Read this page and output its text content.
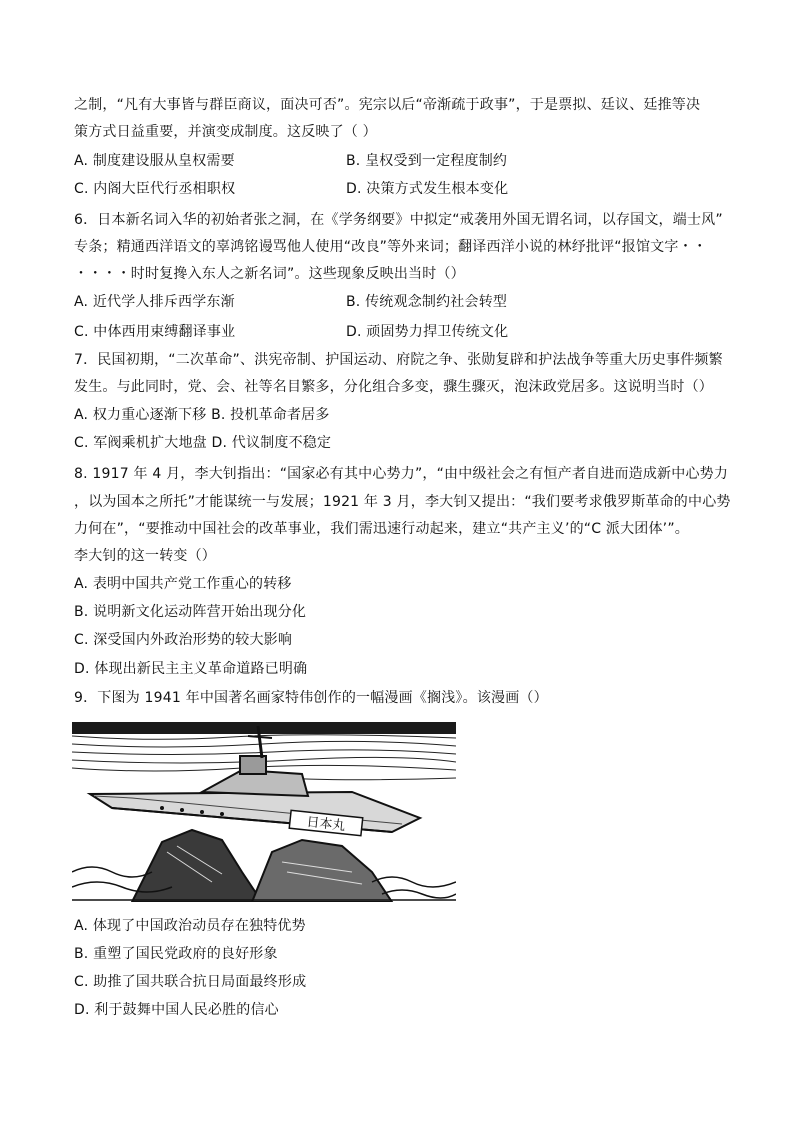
之制，“凡有大事皆与群臣商议，面决可否”。宪宗以后“帝渐疏于政事”，于是票拟、廷议、廷推等决
策方式日益重要，并演变成制度。这反映了（ ）
A. 制度建设服从皇权需要	B. 皇权受到一定程度制约
C. 内阁大臣代行丞相职权	D. 决策方式发生根本变化
6．日本新名词入华的初始者张之洞，在《学务纲要》中拟定“戒袭用外国无谓名词，以存国文，端士风”
专条；精通西洋语文的辜鸿铭谩骂他人使用“改良”等外来词；翻译西洋小说的林纾批评“报馆文字・・
・・・・时时复搀入东人之新名词”。这些现象反映出当时（）
A. 近代学人排斥西学东渐	B. 传统观念制约社会转型
C. 中体西用束缚翻译事业	D. 顽固势力捍卫传统文化
7．民国初期，“二次革命”、洪宪帝制、护国运动、府院之争、张勋复辟和护法战争等重大历史事件频繁
发生。与此同时，党、会、社等名目繁多，分化组合多变，骤生骤灭，泡沫政党居多。这说明当时（）
A. 权力重心逐渐下移 B. 投机革命者居多
C. 军阀乘机扩大地盘 D. 代议制度不稳定
8. 1917 年 4 月，李大钊指出：“国家必有其中心势力”，“由中级社会之有恒产者自进而造成新中心势力
，以为国本之所托”才能谋统一与发展；1921 年 3 月，李大钊又提出：“我们要考求俄罗斯革命的中心势
力何在”，“要推动中国社会的改革事业，我们需迅速行动起来，建立“共产主义’的“C 派大团体’”。
李大钊的这一转变（）
A. 表明中国共产党工作重心的转移
B. 说明新文化运动阵营开始出现分化
C. 深受国内外政治形势的较大影响
D. 体现出新民主主义革命道路已明确
9．下图为 1941 年中国著名画家特伟创作的一幅漫画《搁浅》。该漫画（）
日本丸
A. 体现了中国政治动员存在独特优势
B. 重塑了国民党政府的良好形象
C. 助推了国共联合抗日局面最终形成
D. 利于鼓舞中国人民必胜的信心
